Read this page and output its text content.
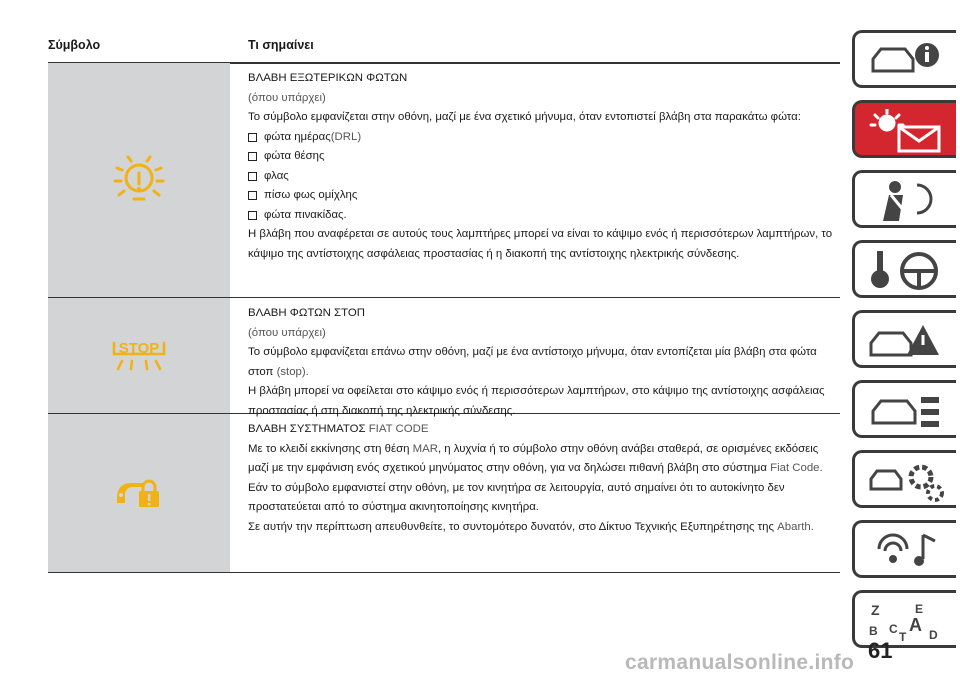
Σύμβολο	Τι σημαίνει
ΒΛΑΒΗ ΕΞΩΤΕΡΙΚΩΝ ΦΩΤΩΝ
(όπου υπάρχει)
Το σύμβολο εμφανίζεται στην οθόνη, μαζί με ένα σχετικό μήνυμα, όταν εντοπιστεί βλάβη στα παρακάτω φώτα:
φώτα ημέρας (DRL)
φώτα θέσης
φλας
πίσω φως ομίχλης
φώτα πινακίδας.
Η βλάβη που αναφέρεται σε αυτούς τους λαμπτήρες μπορεί να είναι το κάψιμο ενός ή περισσότερων λαμπτήρων, το κάψιμο της αντίστοιχης ασφάλειας προστασίας ή η διακοπή της αντίστοιχης ηλεκτρικής σύνδεσης.
STOP
ΒΛΑΒΗ ΦΩΤΩΝ ΣΤΟΠ
(όπου υπάρχει)
Το σύμβολο εμφανίζεται επάνω στην οθόνη, μαζί με ένα αντίστοιχο μήνυμα, όταν εντοπίζεται μία βλάβη στα φώτα στοπ (stop).
Η βλάβη μπορεί να οφείλεται στο κάψιμο ενός ή περισσότερων λαμπτήρων, στο κάψιμο της αντίστοιχης ασφάλειας προστασίας ή στη διακοπή της ηλεκτρικής σύνδεσης.
ΒΛΑΒΗ ΣΥΣΤΗΜΑΤΟΣ FIAT CODE
Με το κλειδί εκκίνησης στη θέση MAR, η λυχνία ή το σύμβολο στην οθόνη ανάβει σταθερά, σε ορισμένες εκδόσεις μαζί με την εμφάνιση ενός σχετικού μηνύματος στην οθόνη, για να δηλώσει πιθανή βλάβη στο σύστημα Fiat Code.
Εάν το σύμβολο εμφανιστεί στην οθόνη, με τον κινητήρα σε λειτουργία, αυτό σημαίνει ότι το αυτοκίνητο δεν προστατεύεται από το σύστημα ακινητοποίησης κινητήρα.
Σε αυτήν την περίπτωση απευθυνθείτε, το συντομότερο δυνατόν, στο Δίκτυο Τεχνικής Εξυπηρέτησης της Abarth.
Z	E
B A
C
T D
61
carmanualsonline.info
